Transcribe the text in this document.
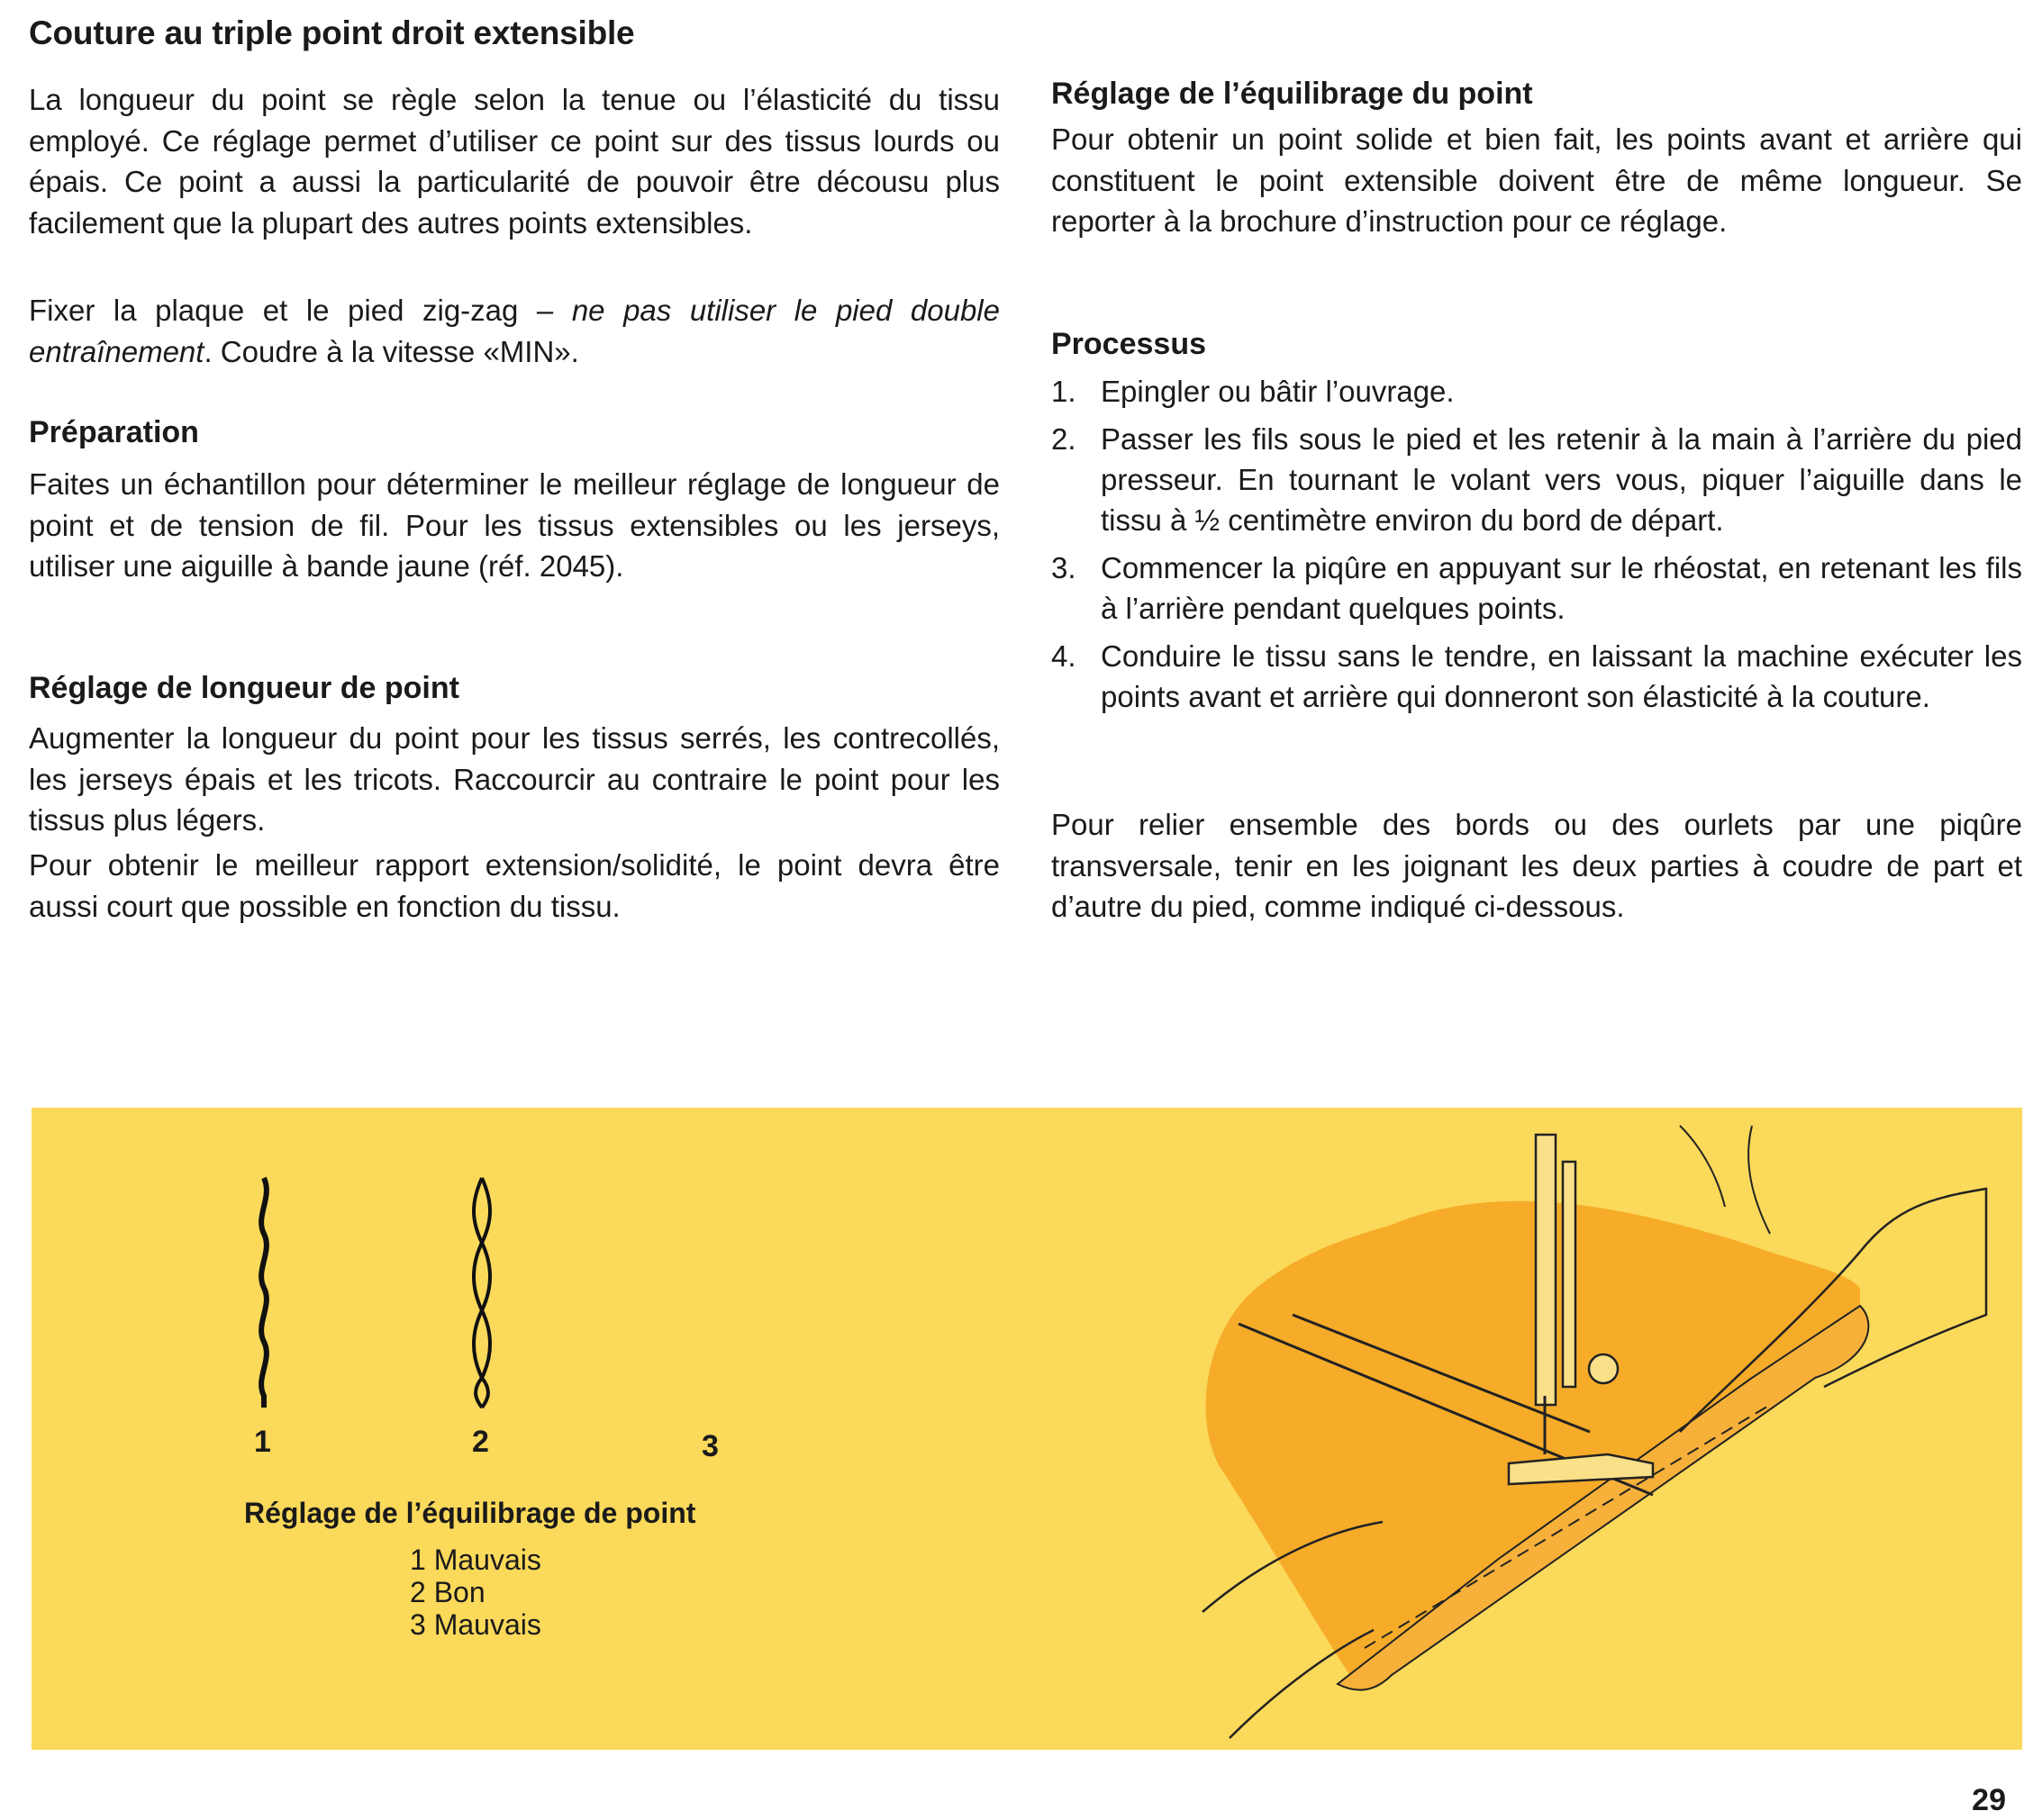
Couture au triple point droit extensible

La longueur du point se règle selon la tenue ou l’élasticité du tissu employé. Ce réglage permet d’utiliser ce point sur des tissus lourds ou épais. Ce point a aussi la particularité de pouvoir être décousu plus facilement que la plupart des autres points extensibles.

Fixer la plaque et le pied zig-zag – ne pas utiliser le pied double entraînement. Coudre à la vitesse «MIN».

Préparation

Faites un échantillon pour déterminer le meilleur réglage de longueur de point et de tension de fil. Pour les tissus extensibles ou les jerseys, utiliser une aiguille à bande jaune (réf. 2045).

Réglage de longueur de point

Augmenter la longueur du point pour les tissus serrés, les contrecollés, les jerseys épais et les tricots. Raccourcir au contraire le point pour les tissus plus légers.

Pour obtenir le meilleur rapport extension/solidité, le point devra être aussi court que possible en fonction du tissu.

Réglage de l’équilibrage du point

Pour obtenir un point solide et bien fait, les points avant et arrière qui constituent le point extensible doivent être de même longueur. Se reporter à la brochure d’instruction pour ce réglage.

Processus
1. Epingler ou bâtir l’ouvrage.
2. Passer les fils sous le pied et les retenir à la main à l’arrière du pied presseur. En tournant le volant vers vous, piquer l’aiguille dans le tissu à ½ centimètre environ du bord de départ.
3. Commencer la piqûre en appuyant sur le rhéostat, en retenant les fils à l’arrière pendant quelques points.
4. Conduire le tissu sans le tendre, en laissant la machine exécuter les points avant et arrière qui donneront son élasticité à la couture.

Pour relier ensemble des bords ou des ourlets par une piqûre transversale, tenir en les joignant les deux parties à coudre de part et d’autre du pied, comme indiqué ci-dessous.

1	2	3

Réglage de l’équilibrage de point

1 Mauvais
2 Bon
3 Mauvais
29
